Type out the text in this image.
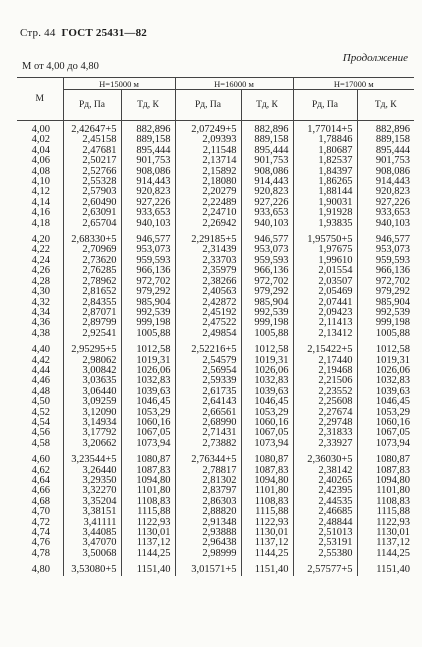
Стр. 44 ГОСТ 25431—82
Продолжение
М от 4,00 до 4,80
М	H=15000 м		H=16000 м		H=17000 м	
	Pд, Па	Tд, К	Pд, Па	Tд, К	Pд, Па	Tд, К
4,00	2,42647+5	882,896	2,07249+5	882,896	1,77014+5	882,896
4,02	2,45158	889,158	2,09393	889,158	1,78846	889,158
4,04	2,47681	895,444	2,11548	895,444	1,80687	895,444
4,06	2,50217	901,753	2,13714	901,753	1,82537	901,753
4,08	2,52766	908,086	2,15892	908,086	1,84397	908,086
4,10	2,55328	914,443	2,18080	914,443	1,86265	914,443
4,12	2,57903	920,823	2,20279	920,823	1,88144	920,823
4,14	2,60490	927,226	2,22489	927,226	1,90031	927,226
4,16	2,63091	933,653	2,24710	933,653	1,91928	933,653
4,18	2,65704	940,103	2,26942	940,103	1,93835	940,103

4,20	2,68330+5	946,577	2,29185+5	946,577	1,95750+5	946,577
4,22	2,70969	953,073	2,31439	953,073	1,97675	953,073
4,24	2,73620	959,593	2,33703	959,593	1,99610	959,593
4,26	2,76285	966,136	2,35979	966,136	2,01554	966,136
4,28	2,78962	972,702	2,38266	972,702	2,03507	972,702
4,30	2,81652	979,292	2,40563	979,292	2,05469	979,292
4,32	2,84355	985,904	2,42872	985,904	2,07441	985,904
4,34	2,87071	992,539	2,45192	992,539	2,09423	992,539
4,36	2,89799	999,198	2,47522	999,198	2,11413	999,198
4,38	2,92541	1005,88	2,49854	1005,88	2,13412	1005,88

4,40	2,95295+5	1012,58	2,52216+5	1012,58	2,15422+5	1012,58
4,42	2,98062	1019,31	2,54579	1019,31	2,17440	1019,31
4,44	3,00842	1026,06	2,56954	1026,06	2,19468	1026,06
4,46	3,03635	1032,83	2,59339	1032,83	2,21506	1032,83
4,48	3,06440	1039,63	2,61735	1039,63	2,23552	1039,63
4,50	3,09259	1046,45	2,64143	1046,45	2,25608	1046,45
4,52	3,12090	1053,29	2,66561	1053,29	2,27674	1053,29
4,54	3,14934	1060,16	2,68990	1060,16	2,29748	1060,16
4,56	3,17792	1067,05	2,71431	1067,05	2,31833	1067,05
4,58	3,20662	1073,94	2,73882	1073,94	2,33927	1073,94

4,60	3,23544+5	1080,87	2,76344+5	1080,87	2,36030+5	1080,87
4,62	3,26440	1087,83	2,78817	1087,83	2,38142	1087,83
4,64	3,29350	1094,80	2,81302	1094,80	2,40265	1094,80
4,66	3,32270	1101,80	2,83797	1101,80	2,42395	1101,80
4,68	3,35204	1108,83	2,86303	1108,83	2,44535	1108,83
4,70	3,38151	1115,88	2,88820	1115,88	2,46685	1115,88
4,72	3,41111	1122,93	2,91348	1122,93	2,48844	1122,93
4,74	3,44085	1130,01	2,93888	1130,01	2,51013	1130,01
4,76	3,47070	1137,12	2,96438	1137,12	2,53191	1137,12
4,78	3,50068	1144,25	2,98999	1144,25	2,55380	1144,25

4,80	3,53080+5	1151,40	3,01571+5	1151,40	2,57577+5	1151,40
